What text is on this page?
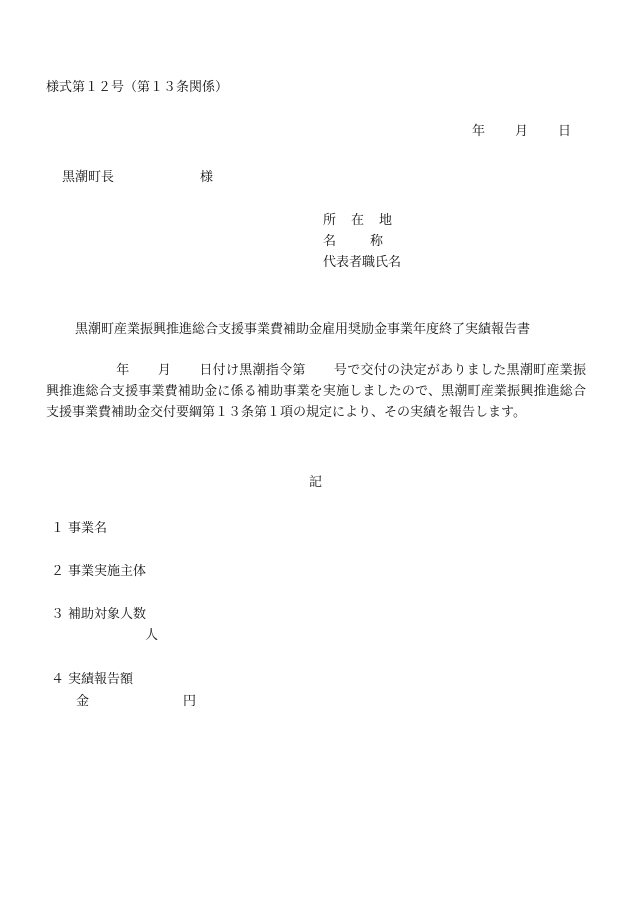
様式第１２号（第１３条関係）
年 月 日
黒潮町長	様
所在地
名称
代表者職氏名
黒潮町産業振興推進総合支援事業費補助金雇用奨励金事業年度終了実績報告書
年 月 日付け黒潮指令第 号で交付の決定がありました黒潮町産業振興推進総合支援事業費補助金に係る補助事業を実施しましたので、黒潮町産業振興推進総合支援事業費補助金交付要綱第１３条第１項の規定により、その実績を報告します。
記
１ 事業名
２ 事業実施主体
３ 補助対象人数
人
４ 実績報告額
金	円
